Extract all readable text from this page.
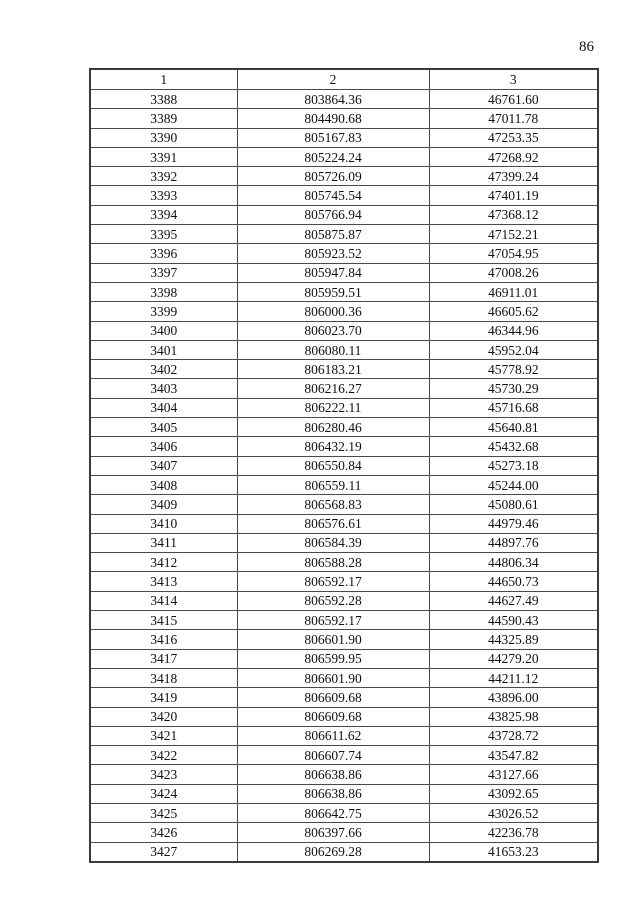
86
1	2	3
3388	803864.36	46761.60
3389	804490.68	47011.78
3390	805167.83	47253.35
3391	805224.24	47268.92
3392	805726.09	47399.24
3393	805745.54	47401.19
3394	805766.94	47368.12
3395	805875.87	47152.21
3396	805923.52	47054.95
3397	805947.84	47008.26
3398	805959.51	46911.01
3399	806000.36	46605.62
3400	806023.70	46344.96
3401	806080.11	45952.04
3402	806183.21	45778.92
3403	806216.27	45730.29
3404	806222.11	45716.68
3405	806280.46	45640.81
3406	806432.19	45432.68
3407	806550.84	45273.18
3408	806559.11	45244.00
3409	806568.83	45080.61
3410	806576.61	44979.46
3411	806584.39	44897.76
3412	806588.28	44806.34
3413	806592.17	44650.73
3414	806592.28	44627.49
3415	806592.17	44590.43
3416	806601.90	44325.89
3417	806599.95	44279.20
3418	806601.90	44211.12
3419	806609.68	43896.00
3420	806609.68	43825.98
3421	806611.62	43728.72
3422	806607.74	43547.82
3423	806638.86	43127.66
3424	806638.86	43092.65
3425	806642.75	43026.52
3426	806397.66	42236.78
3427	806269.28	41653.23
